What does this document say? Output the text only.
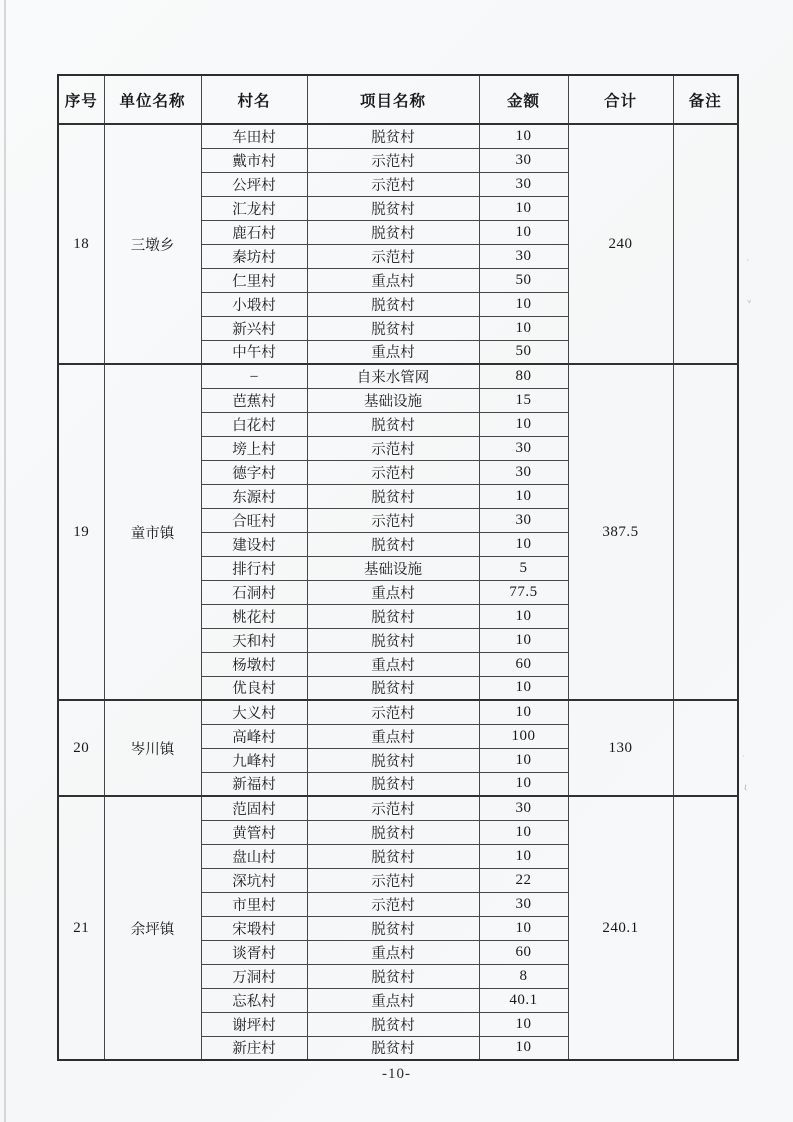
序号	单位名称	村名	项目名称	金额	合计	备注
18	三墩乡	车田村	脱贫村	10	240	
		戴市村	示范村	30		
		公坪村	示范村	30		
		汇龙村	脱贫村	10		
		鹿石村	脱贫村	10		
		秦坊村	示范村	30		
		仁里村	重点村	50		
		小塅村	脱贫村	10		
		新兴村	脱贫村	10		
		中午村	重点村	50		
19	童市镇	–	自来水管网	80	387.5	
		芭蕉村	基础设施	15		
		白花村	脱贫村	10		
		塝上村	示范村	30		
		德字村	示范村	30		
		东源村	脱贫村	10		
		合旺村	示范村	30		
		建设村	脱贫村	10		
		排行村	基础设施	5		
		石洞村	重点村	77.5		
		桃花村	脱贫村	10		
		天和村	脱贫村	10		
		杨墩村	重点村	60		
		优良村	脱贫村	10		
20	岑川镇	大义村	示范村	10	130	
		高峰村	重点村	100		
		九峰村	脱贫村	10		
		新福村	脱贫村	10		
21	余坪镇	范固村	示范村	30	240.1	
		黄管村	脱贫村	10		
		盘山村	脱贫村	10		
		深坑村	示范村	22		
		市里村	示范村	30		
		宋塅村	脱贫村	10		
		谈胥村	重点村	60		
		万洞村	脱贫村	8		
		忘私村	重点村	40.1		
		谢坪村	脱贫村	10		
		新庄村	脱贫村	10		
·
ᵥ
·
ι
-10-
